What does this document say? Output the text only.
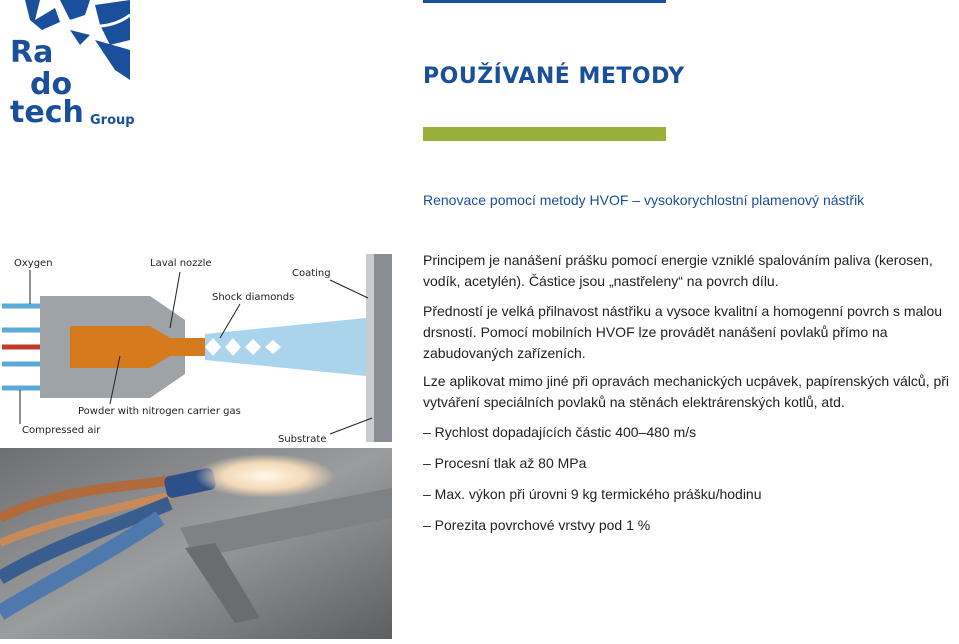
Ra
do
tech Group
POUŽÍVANÉ METODY
Renovace pomocí metody HVOF – vysokorychlostní plamenový nástřik
Principem je nanášení prášku pomocí energie vzniklé spalováním paliva (kerosen, vodík, acetylén). Částice jsou „nastřeleny“ na povrch dílu.
Předností je velká přilnavost nástřiku a vysoce kvalitní a homogenní povrch s malou drsností. Pomocí mobilních HVOF lze provádět nanášení povlaků přímo na zabudovaných zařízeních.
Lze aplikovat mimo jiné při opravách mechanických ucpávek, papírenských válců, při vytváření speciálních povlaků na stěnách elektrárenských kotlů, atd.
– Rychlost dopadajících částic 400–480 m/s
– Procesní tlak až 80 MPa
– Max. výkon při úrovni 9 kg termického prášku/hodinu
– Porezita povrchové vrstvy pod 1 %
Oxygen	Laval nozzle
Coating
Shock diamonds
Powder with nitrogen carrier gas
Compressed air
Substrate
